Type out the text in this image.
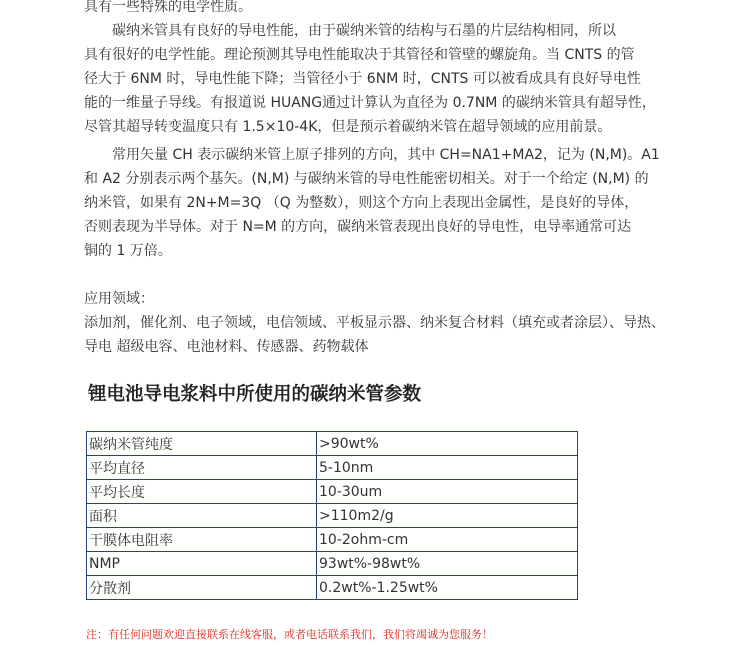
具有一些特殊的电学性质。

碳纳米管具有良好的导电性能，由于碳纳米管的结构与石墨的片层结构相同，所以
具有很好的电学性能。理论预测其导电性能取决于其管径和管壁的螺旋角。当 CNTS 的管
径大于 6NM 时，导电性能下降；当管径小于 6NM 时，CNTS 可以被看成具有良好导电性
能的一维量子导线。有报道说 HUANG通过计算认为直径为 0.7NM 的碳纳米管具有超导性，
尽管其超导转变温度只有 1.5×10-4K，但是预示着碳纳米管在超导领域的应用前景。

常用矢量 CH 表示碳纳米管上原子排列的方向，其中 CH=NA1+MA2，记为 (N,M)。A1
和 A2 分别表示两个基矢。(N,M) 与碳纳米管的导电性能密切相关。对于一个给定 (N,M) 的
纳米管，如果有 2N+M=3Q （Q 为整数），则这个方向上表现出金属性，是良好的导体，
否则表现为半导体。对于 N=M 的方向，碳纳米管表现出良好的导电性，电导率通常可达
铜的 1 万倍。

应用领域：
添加剂，催化剂、电子领域，电信领域、平板显示器、纳米复合材料（填充或者涂层）、导热、
导电 超级电容、电池材料、传感器、药物载体

锂电池导电浆料中所使用的碳纳米管参数
碳纳米管纯度	>90wt%
平均直径	5-10nm
平均长度	10-30um
面积	>110m2/g
干膜体电阻率	10-2ohm-cm
NMP	93wt%-98wt%
分散剂	0.2wt%-1.25wt%

注：有任何问题欢迎直接联系在线客服，或者电话联系我们，我们将竭诚为您服务！
